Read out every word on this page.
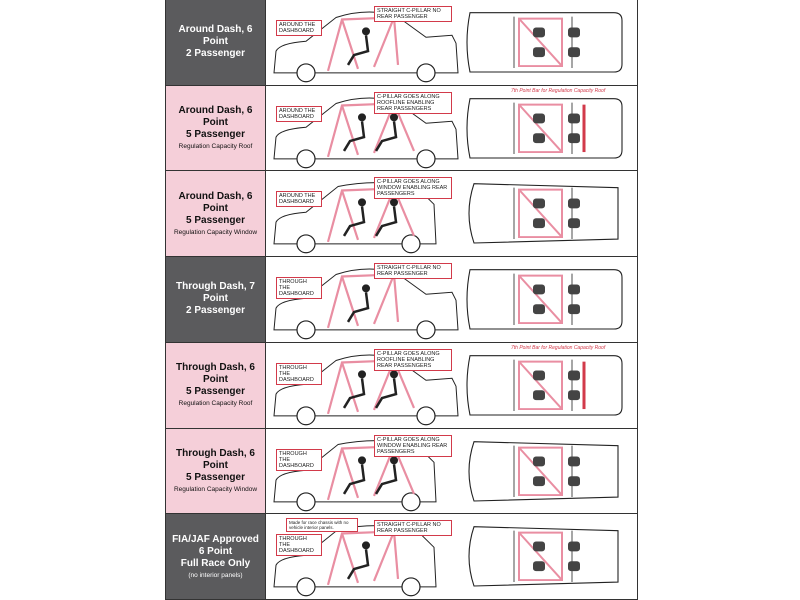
Around Dash, 6 Point
2 Passenger
AROUND THE DASHBOARD
STRAIGHT C-PILLAR NO REAR PASSENGER
Around Dash, 6 Point
5 Passenger
Regulation Capacity Roof
AROUND THE DASHBOARD
C-PILLAR GOES ALONG ROOFLINE ENABLING REAR PASSENGERS
7th Point Bar for Regulation Capacity Roof
Around Dash, 6 Point
5 Passenger
Regulation Capacity Window
AROUND THE DASHBOARD
C-PILLAR GOES ALONG WINDOW ENABLING REAR PASSENGERS
Through Dash, 7 Point
2 Passenger
THROUGH THE DASHBOARD
STRAIGHT C-PILLAR NO REAR PASSENGER
Through Dash, 6 Point
5 Passenger
Regulation Capacity Roof
THROUGH THE DASHBOARD
C-PILLAR GOES ALONG ROOFLINE ENABLING REAR PASSENGERS
7th Point Bar for Regulation Capacity Roof
Through Dash, 6 Point
5 Passenger
Regulation Capacity Window
THROUGH THE DASHBOARD
C-PILLAR GOES ALONG WINDOW ENABLING REAR PASSENGERS
FIA/JAF Approved
6 Point
Full Race Only
(no interior panels)
THROUGH THE DASHBOARD
STRAIGHT C-PILLAR NO REAR PASSENGER
Made for race chassis with no vehicle interior panels.
